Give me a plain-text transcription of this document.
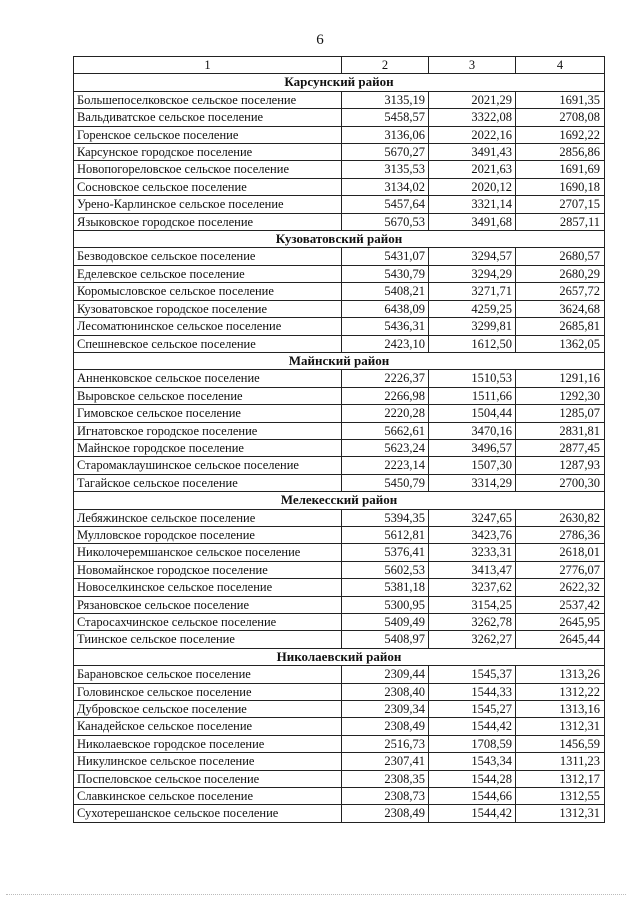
6
1	2	3	4
Карсунский район			
Большепоселковское сельское поселение	3135,19	2021,29	1691,35
Вальдиватское сельское поселение	5458,57	3322,08	2708,08
Горенское сельское поселение	3136,06	2022,16	1692,22
Карсунское городское поселение	5670,27	3491,43	2856,86
Новопогореловское сельское поселение	3135,53	2021,63	1691,69
Сосновское сельское поселение	3134,02	2020,12	1690,18
Урено-Карлинское сельское поселение	5457,64	3321,14	2707,15
Языковское городское поселение	5670,53	3491,68	2857,11
Кузоватовский район			
Безводовское сельское поселение	5431,07	3294,57	2680,57
Еделевское сельское поселение	5430,79	3294,29	2680,29
Коромысловское сельское поселение	5408,21	3271,71	2657,72
Кузоватовское городское поселение	6438,09	4259,25	3624,68
Лесоматюнинское сельское поселение	5436,31	3299,81	2685,81
Спешневское сельское поселение	2423,10	1612,50	1362,05
Майнский район			
Анненковское сельское поселение	2226,37	1510,53	1291,16
Выровское сельское поселение	2266,98	1511,66	1292,30
Гимовское сельское поселение	2220,28	1504,44	1285,07
Игнатовское городское поселение	5662,61	3470,16	2831,81
Майнское городское поселение	5623,24	3496,57	2877,45
Старомаклаушинское сельское поселение	2223,14	1507,30	1287,93
Тагайское сельское поселение	5450,79	3314,29	2700,30
Мелекесский район			
Лебяжинское сельское поселение	5394,35	3247,65	2630,82
Мулловское городское поселение	5612,81	3423,76	2786,36
Николочеремшанское сельское поселение	5376,41	3233,31	2618,01
Новомайнское городское поселение	5602,53	3413,47	2776,07
Новоселкинское сельское поселение	5381,18	3237,62	2622,32
Рязановское сельское поселение	5300,95	3154,25	2537,42
Старосахчинское сельское поселение	5409,49	3262,78	2645,95
Тиинское сельское поселение	5408,97	3262,27	2645,44
Николаевский район			
Барановское сельское поселение	2309,44	1545,37	1313,26
Головинское сельское поселение	2308,40	1544,33	1312,22
Дубровское сельское поселение	2309,34	1545,27	1313,16
Канадейское сельское поселение	2308,49	1544,42	1312,31
Николаевское городское поселение	2516,73	1708,59	1456,59
Никулинское сельское поселение	2307,41	1543,34	1311,23
Поспеловское сельское поселение	2308,35	1544,28	1312,17
Славкинское сельское поселение	2308,73	1544,66	1312,55
Сухотерешанское сельское поселение	2308,49	1544,42	1312,31
